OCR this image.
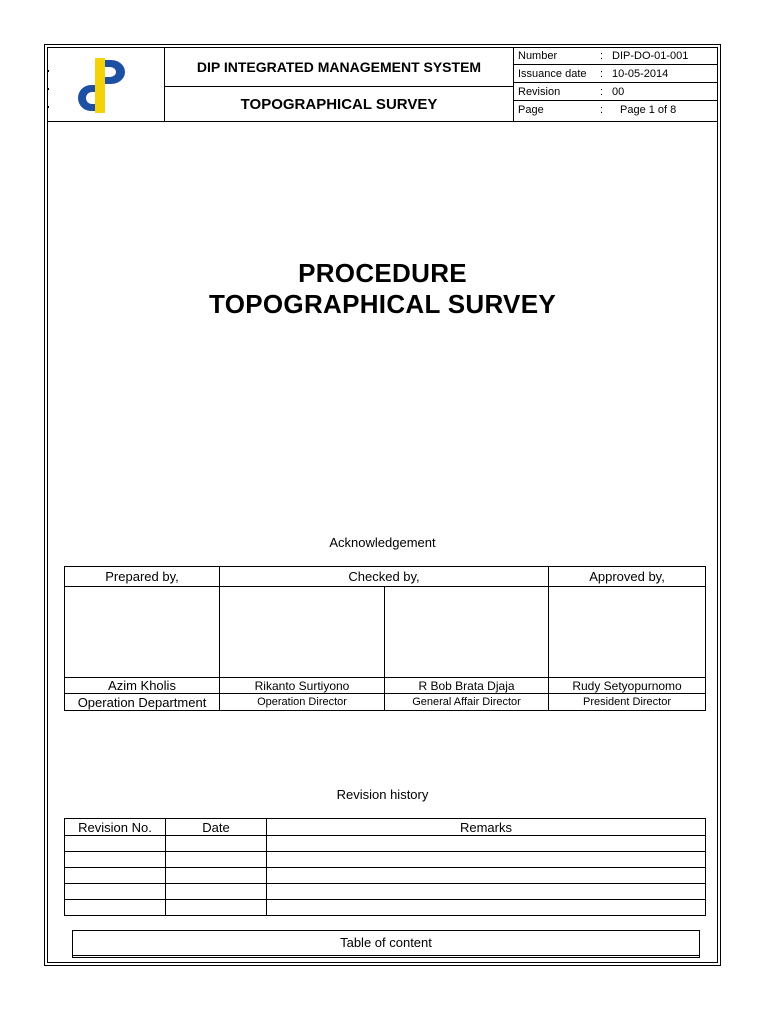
DIP INTEGRATED MANAGEMENT SYSTEM
TOPOGRAPHICAL SURVEY
Number	: DIP-DO-01-001
Issuance date : 10-05-2014
Revision	: 00
Page	: Page 1 of 8
PROCEDURE
TOPOGRAPHICAL SURVEY
Acknowledgement
Prepared by,	Checked by,		Approved by,

Azim Kholis	Rikanto Surtiyono	R Bob Brata Djaja	Rudy Setyopurnomo
Operation Department	Operation Director	General Affair Director	President Director
Revision history
Revision No.	Date	Remarks

Table of content
